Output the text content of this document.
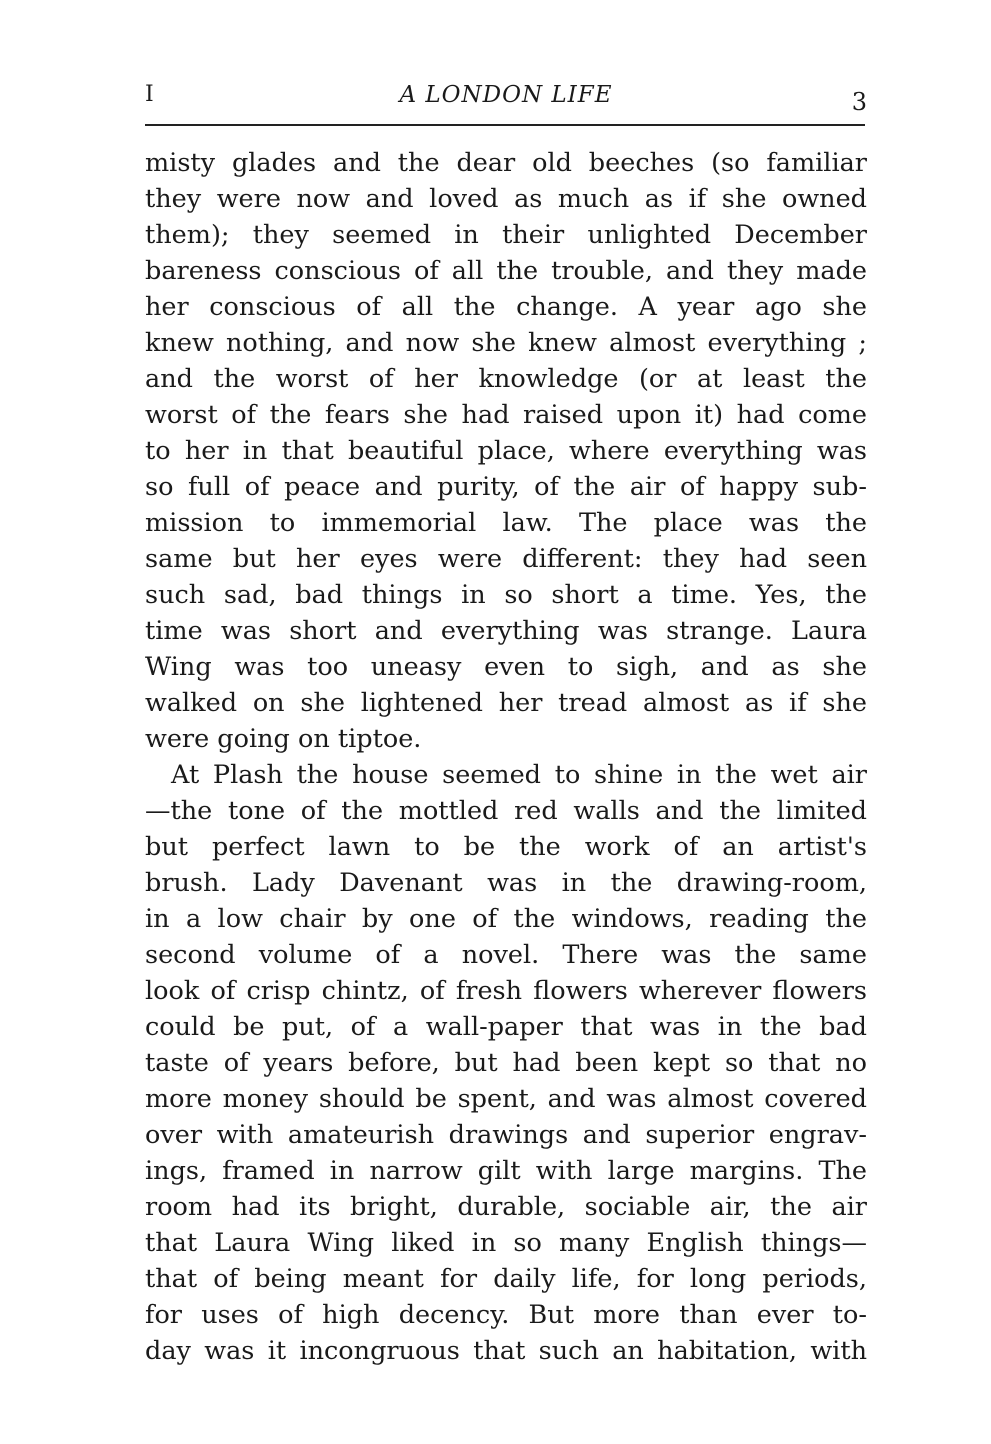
I	A LONDON LIFE	3
misty glades and the dear old beeches (so familiar
they were now and loved as much as if she owned
them); they seemed in their unlighted December
bareness conscious of all the trouble, and they made
her conscious of all the change. A year ago she
knew nothing, and now she knew almost everything ;
and the worst of her knowledge (or at least the
worst of the fears she had raised upon it) had come
to her in that beautiful place, where everything was
so full of peace and purity, of the air of happy sub-
mission to immemorial law. The place was the
same but her eyes were different: they had seen
such sad, bad things in so short a time. Yes, the
time was short and everything was strange. Laura
Wing was too uneasy even to sigh, and as she
walked on she lightened her tread almost as if she
were going on tiptoe.
At Plash the house seemed to shine in the wet air
—the tone of the mottled red walls and the limited
but perfect lawn to be the work of an artist's
brush. Lady Davenant was in the drawing-room,
in a low chair by one of the windows, reading the
second volume of a novel. There was the same
look of crisp chintz, of fresh flowers wherever flowers
could be put, of a wall-paper that was in the bad
taste of years before, but had been kept so that no
more money should be spent, and was almost covered
over with amateurish drawings and superior engrav-
ings, framed in narrow gilt with large margins. The
room had its bright, durable, sociable air, the air
that Laura Wing liked in so many English things—
that of being meant for daily life, for long periods,
for uses of high decency. But more than ever to-
day was it incongruous that such an habitation, with
